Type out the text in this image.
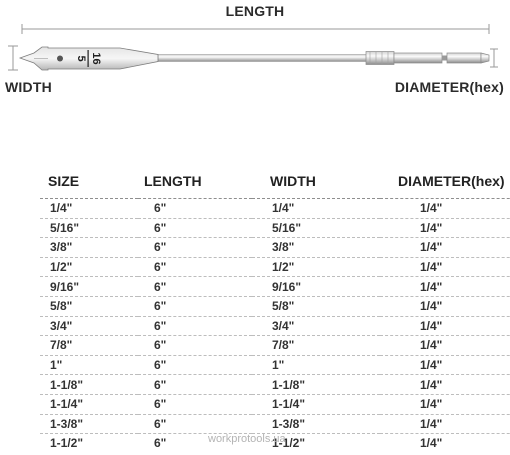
5 16
LENGTH
WIDTH	DIAMETER(hex)
SIZE	LENGTH	WIDTH	DIAMETER(hex)
1/4"	6"	1/4"	1/4"
5/16"	6"	5/16"	1/4"
3/8"	6"	3/8"	1/4"
1/2"	6"	1/2"	1/4"
9/16"	6"	9/16"	1/4"
5/8"	6"	5/8"	1/4"
3/4"	6"	3/4"	1/4"
7/8"	6"	7/8"	1/4"
1"	6"	1"	1/4"
1-1/8"	6"	1-1/8"	1/4"
1-1/4"	6"	1-1/4"	1/4"
1-3/8"	6"	1-3/8"	1/4"
1-1/2"	6"	1-1/2"	1/4"
workprotools.ua
